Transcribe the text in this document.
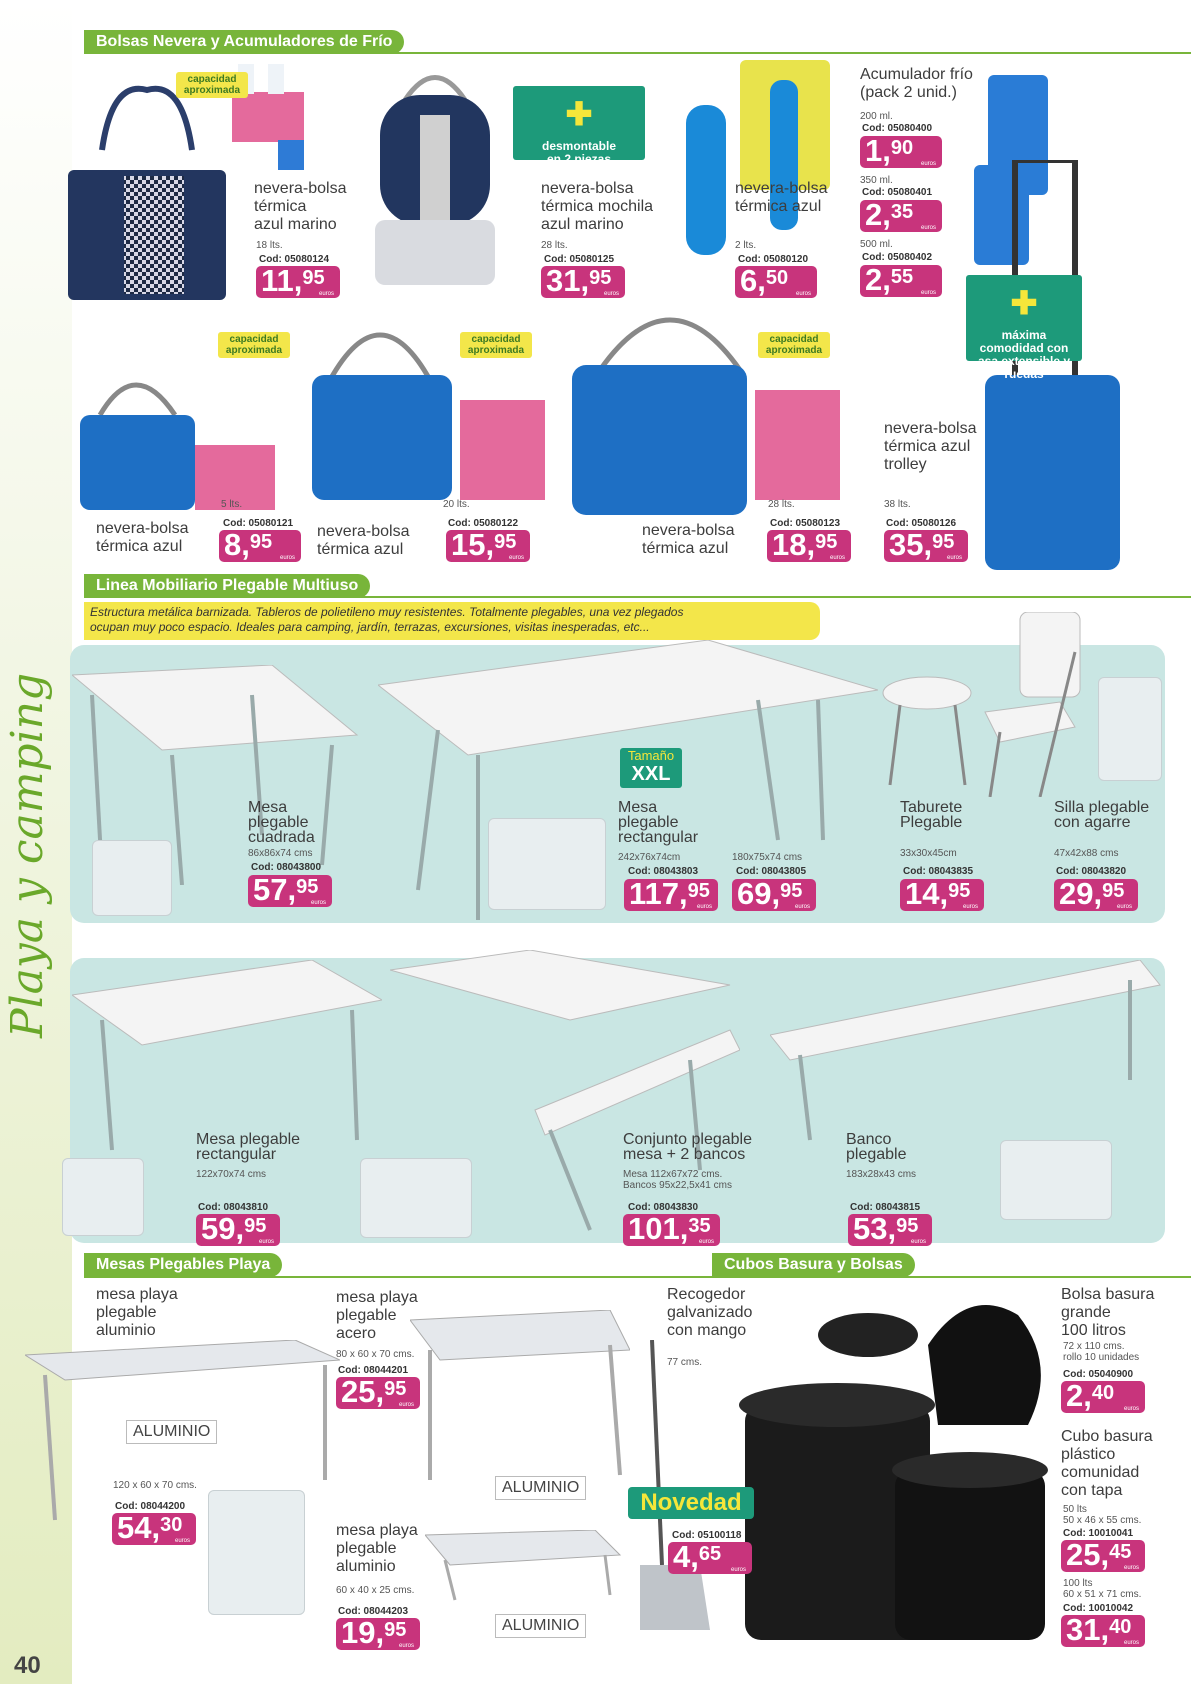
Playa y camping
40
Bolsas Nevera y Acumuladores de Frío
capacidad
aproximada
capacidad
aproximada
capacidad
aproximada
capacidad
aproximada

✚

desmontable
en 2 piezas
mochila + riñonera

✚

máxima
comodidad con
asa extensible y
ruedas

nevera-bolsa
térmica
azul marino
18 lts.
Cod: 05080124
11 , 95
euros
nevera-bolsa
térmica mochila
azul marino
28 lts.
Cod: 05080125
31 , 95
euros
nevera-bolsa
térmica azul
2 lts.
Cod: 05080120
6 , 50
euros
Acumulador frío
(pack 2 unid.)
200 ml.
Cod: 05080400
1 , 90
euros
350 ml.
Cod: 05080401
2 , 35
euros
500 ml.
Cod: 05080402
2 , 55
euros
nevera-bolsa
térmica azul
5 lts.
Cod: 05080121
8 , 95
euros
nevera-bolsa
térmica azul
20 lts.
Cod: 05080122
15 , 95
euros
nevera-bolsa
térmica azul
28 lts.
Cod: 05080123
18 , 95
euros
nevera-bolsa
térmica azul
trolley
38 lts.
Cod: 05080126
35 , 95
euros
Linea Mobiliario Plegable Multiuso
Estructura metálica barnizada. Tableros de polietileno muy resistentes. Totalmente plegables, una vez plegados
ocupan muy poco espacio. Ideales para camping, jardín, terrazas, excursiones, visitas inesperadas, etc...
Tamaño
XXL
Mesa
plegable
cuadrada
86x86x74 cms
Cod: 08043800
57 , 95
euros
Mesa
plegable
rectangular
242x76x74cm
Cod: 08043803
117 , 95
euros
180x75x74 cms
Cod: 08043805
69 , 95
euros
Taburete
Plegable
33x30x45cm
Cod: 08043835
14 , 95
euros
Silla plegable
con agarre
47x42x88 cms
Cod: 08043820
29 , 95
euros
Mesa plegable
rectangular
122x70x74 cms
Cod: 08043810
59 , 95
euros
Conjunto plegable
mesa + 2 bancos
Mesa 112x67x72 cms.
Bancos 95x22,5x41 cms
Cod: 08043830
101 , 35
euros
Banco
plegable
183x28x43 cms
Cod: 08043815
53 , 95
euros
Mesas Plegables Playa	Cubos Basura y Bolsas
ALUMINIO
ALUMINIO
ALUMINIO
mesa playa
plegable
aluminio
120 x 60 x 70 cms.
Cod: 08044200
54 , 30
euros
mesa playa
plegable
acero
80 x 60 x 70 cms.
Cod: 08044201
25 , 95
euros
mesa playa
plegable
aluminio
60 x 40 x 25 cms.
Cod: 08044203
19 , 95
euros
Novedad
Recogedor
galvanizado
con mango
77 cms.
Cod: 05100118
4 , 65
euros
Bolsa basura
grande
100 litros
72 x 110 cms.
rollo 10 unidades
Cod: 05040900
2 , 40
euros
Cubo basura
plástico
comunidad
con tapa
50 lts
50 x 46 x 55 cms.
Cod: 10010041
25 , 45
euros
100 lts
60 x 51 x 71 cms.
Cod: 10010042
31 , 40
euros
